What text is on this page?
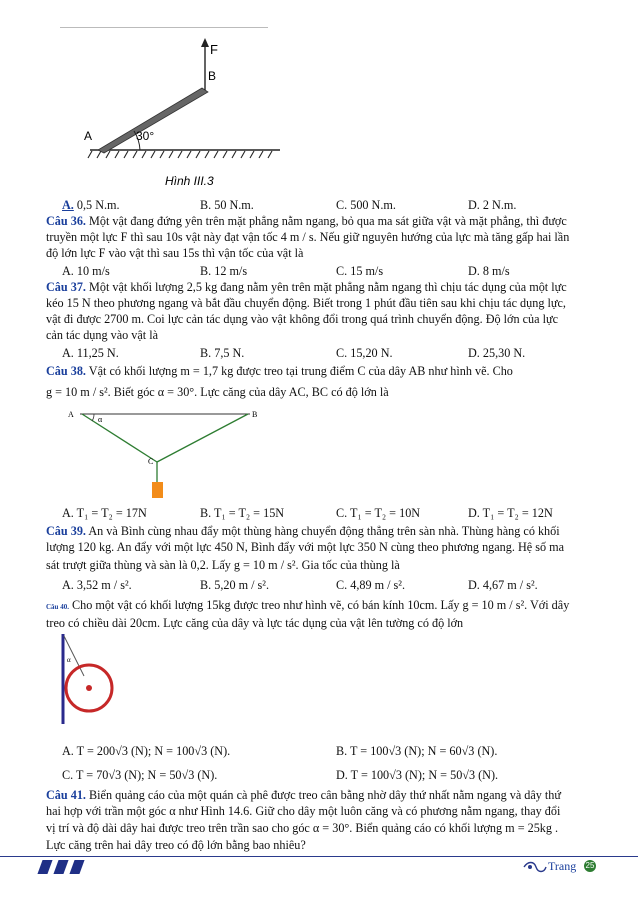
F
B
A	30°
Hình III.3
A. 0,5 N.m.	B. 50 N.m.	C. 500 N.m.	D. 2 N.m.
Câu 36. Một vật đang đứng yên trên mặt phẳng nằm ngang, bỏ qua ma sát giữa vật và mặt phẳng, thì được
truyền một lực F thì sau 10s vật này đạt vận tốc 4 m / s. Nếu giữ nguyên hướng của lực mà tăng gấp hai lần
độ lớn lực F vào vật thì sau 15s thì vận tốc của vật là
A. 10 m/s	B. 12 m/s	C. 15 m/s	D. 8 m/s
Câu 37. Một vật khối lượng 2,5 kg đang nằm yên trên mặt phẳng nằm ngang thì chịu tác dụng của một lực
kéo 15 N theo phương ngang và bắt đầu chuyển động. Biết trong 1 phút đầu tiên sau khi chịu tác dụng lực,
vật đi được 2700 m. Coi lực cản tác dụng vào vật không đổi trong quá trình chuyển động. Độ lớn của lực
cản tác dụng vào vật là
A. 11,25 N.	B. 7,5 N.	C. 15,20 N.	D. 25,30 N.
Câu 38. Vật có khối lượng m = 1,7 kg được treo tại trung điểm C của dây AB như hình vẽ. Cho
g = 10 m / s². Biết góc α = 30°. Lực căng của dây AC, BC có độ lớn là
A
α
B
C
A. T₁ = T₂ = 17N	B. T₁ = T₂ = 15N	C. T₁ = T₂ = 10N	D. T₁ = T₂ = 12N
Câu 39. An và Bình cùng nhau đẩy một thùng hàng chuyển động thẳng trên sàn nhà. Thùng hàng có khối
lượng 120 kg. An đẩy với một lực 450 N, Bình đẩy với một lực 350 N cùng theo phương ngang. Hệ số ma
sát trượt giữa thùng và sàn là 0,2. Lấy g = 10 m / s². Gia tốc của thùng là
A. 3,52 m / s².	B. 5,20 m / s².	C. 4,89 m / s².	D. 4,67 m / s².
Câu 40. Cho một vật có khối lượng 15kg được treo như hình vẽ, có bán kính 10cm. Lấy g = 10 m / s². Với dây
treo có chiều dài 20cm. Lực căng của dây và lực tác dụng của vật lên tường có độ lớn
α
A. T = 200√3 (N); N = 100√3 (N).	B. T = 100√3 (N); N = 60√3 (N).
C. T = 70√3 (N); N = 50√3 (N).	D. T = 100√3 (N); N = 50√3 (N).
Câu 41. Biển quảng cáo của một quán cà phê được treo cân bằng nhờ dây thứ nhất nằm ngang và dây thứ
hai hợp với trần một góc α như Hình 14.6. Giữ cho dây một luôn căng và có phương nằm ngang, thay đổi
vị trí và độ dài dây hai được treo trên trần sao cho góc α = 30°. Biển quảng cáo có khối lượng m = 25kg .
Lực căng trên hai dây treo có độ lớn bằng bao nhiêu?
Trang 25
